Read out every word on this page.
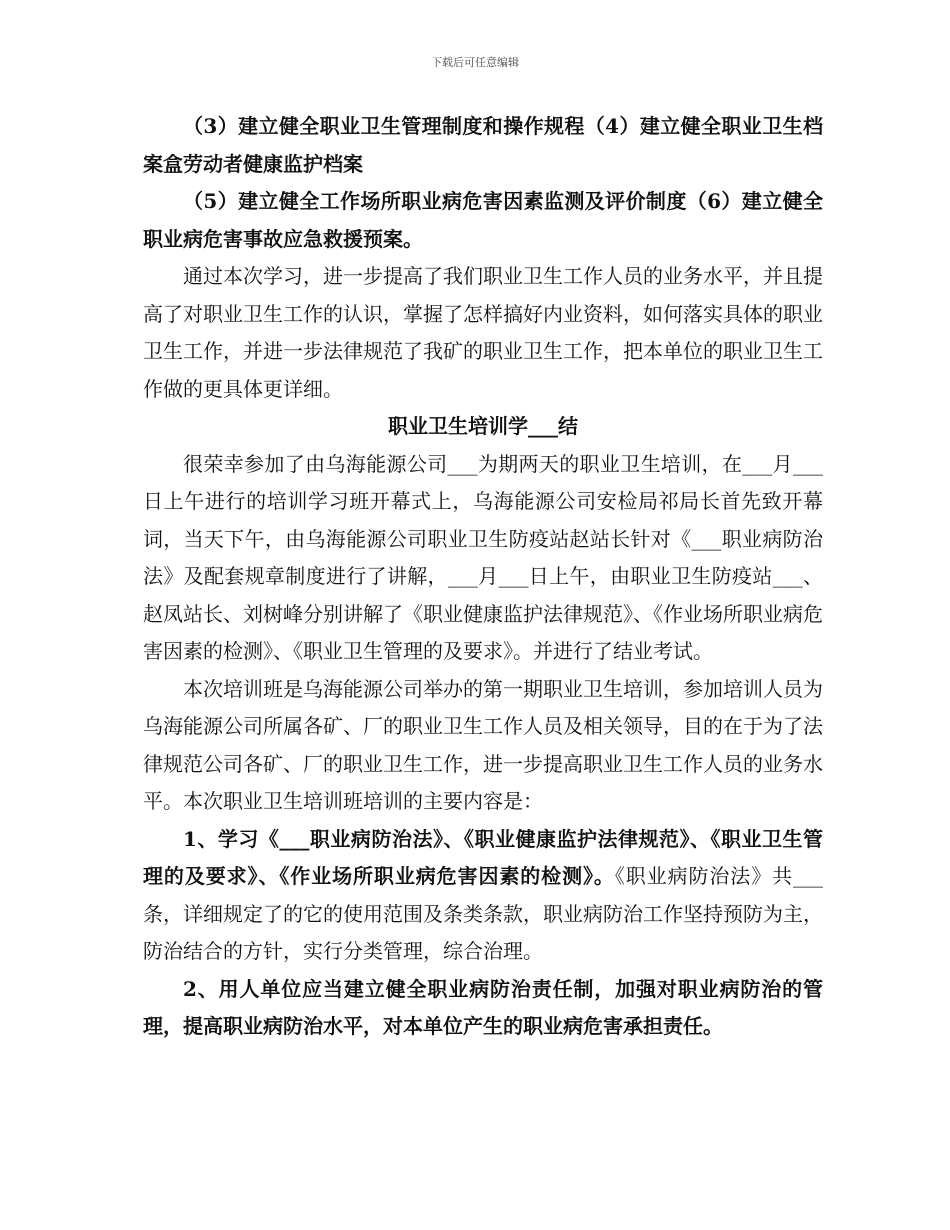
下载后可任意编辑

（3）建立健全职业卫生管理制度和操作规程（4）建立健全职业卫生档案盒劳动者健康监护档案

（5）建立健全工作场所职业病危害因素监测及评价制度（6）建立健全职业病危害事故应急救援预案。

通过本次学习，进一步提高了我们职业卫生工作人员的业务水平，并且提高了对职业卫生工作的认识，掌握了怎样搞好内业资料，如何落实具体的职业卫生工作，并进一步法律规范了我矿的职业卫生工作，把本单位的职业卫生工作做的更具体更详细。

职业卫生培训学___结

很荣幸参加了由乌海能源公司___为期两天的职业卫生培训，在___月___日上午进行的培训学习班开幕式上，乌海能源公司安检局祁局长首先致开幕词，当天下午，由乌海能源公司职业卫生防疫站赵站长针对《___职业病防治法》及配套规章制度进行了讲解，___月___日上午，由职业卫生防疫站___、赵凤站长、刘树峰分别讲解了《职业健康监护法律规范》、《作业场所职业病危害因素的检测》、《职业卫生管理的及要求》。并进行了结业考试。

本次培训班是乌海能源公司举办的第一期职业卫生培训，参加培训人员为乌海能源公司所属各矿、厂的职业卫生工作人员及相关领导，目的在于为了法律规范公司各矿、厂的职业卫生工作，进一步提高职业卫生工作人员的业务水平。本次职业卫生培训班培训的主要内容是：

1、学习《___职业病防治法》、《职业健康监护法律规范》、《职业卫生管理的及要求》、《作业场所职业病危害因素的检测》。《职业病防治法》共___条，详细规定了的它的使用范围及条类条款，职业病防治工作坚持预防为主，防治结合的方针，实行分类管理，综合治理。

2、用人单位应当建立健全职业病防治责任制，加强对职业病防治的管理，提高职业病防治水平，对本单位产生的职业病危害承担责任。
